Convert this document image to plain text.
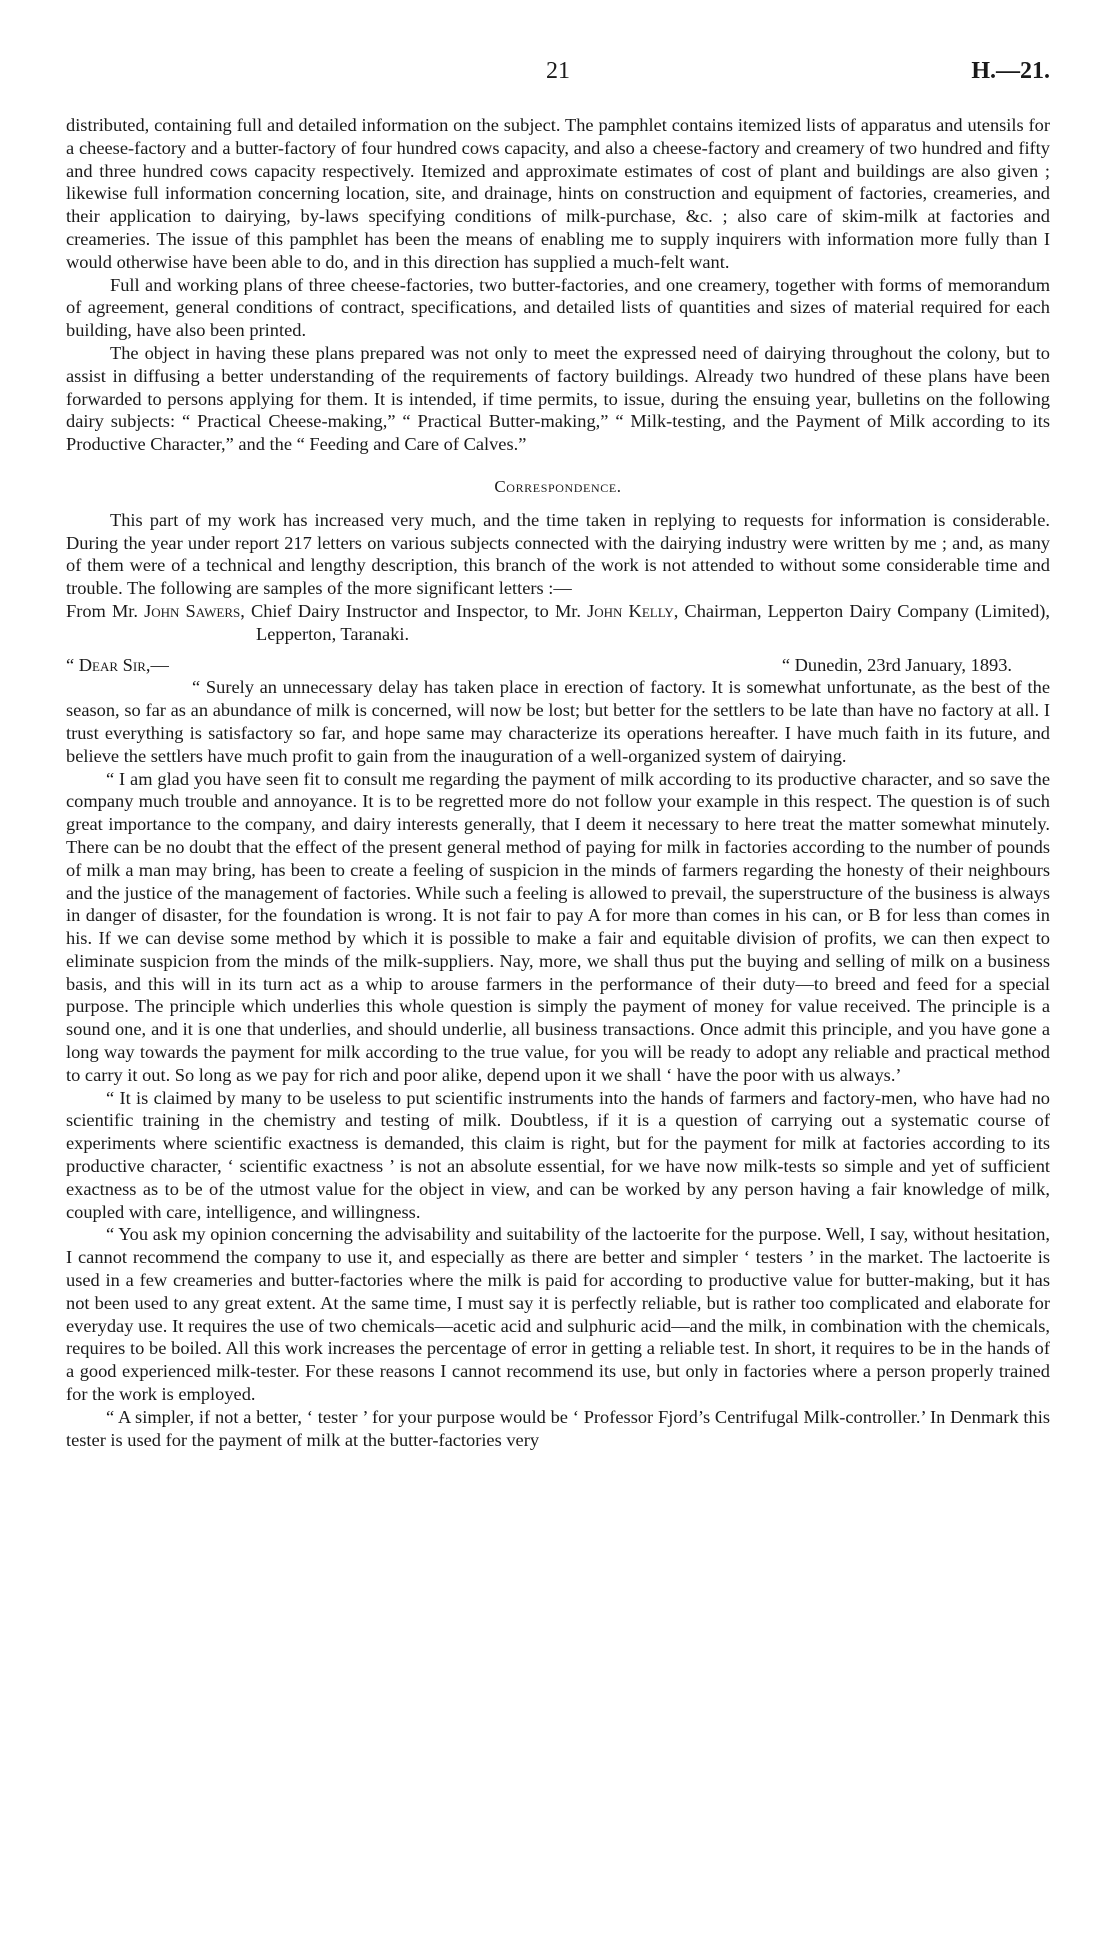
21	H.—21.

distributed, containing full and detailed information on the subject. The pamphlet contains itemized lists of apparatus and utensils for a cheese-factory and a butter-factory of four hundred cows capacity, and also a cheese-factory and creamery of two hundred and fifty and three hundred cows capacity respectively. Itemized and approximate estimates of cost of plant and buildings are also given ; likewise full information concerning location, site, and drainage, hints on construction and equipment of factories, creameries, and their application to dairying, by-laws specifying conditions of milk-purchase, &c. ; also care of skim-milk at factories and creameries. The issue of this pamphlet has been the means of enabling me to supply inquirers with information more fully than I would otherwise have been able to do, and in this direction has supplied a much-felt want.

Full and working plans of three cheese-factories, two butter-factories, and one creamery, together with forms of memorandum of agreement, general conditions of contract, specifications, and detailed lists of quantities and sizes of material required for each building, have also been printed.

The object in having these plans prepared was not only to meet the expressed need of dairying throughout the colony, but to assist in diffusing a better understanding of the requirements of factory buildings. Already two hundred of these plans have been forwarded to persons applying for them. It is intended, if time permits, to issue, during the ensuing year, bulletins on the following dairy subjects: “ Practical Cheese-making,” “ Practical Butter-making,” “ Milk-testing, and the Payment of Milk according to its Productive Character,” and the “ Feeding and Care of Calves.”

Correspondence.

This part of my work has increased very much, and the time taken in replying to requests for information is considerable. During the year under report 217 letters on various subjects connected with the dairying industry were written by me ; and, as many of them were of a technical and lengthy description, this branch of the work is not attended to without some considerable time and trouble. The following are samples of the more significant letters :—

From Mr. John Sawers, Chief Dairy Instructor and Inspector, to Mr. John Kelly, Chairman, Lepperton Dairy Company (Limited), Lepperton, Taranaki.

“ Dear Sir,—	“ Dunedin, 23rd January, 1893.

“ Surely an unnecessary delay has taken place in erection of factory. It is somewhat unfortunate, as the best of the season, so far as an abundance of milk is concerned, will now be lost; but better for the settlers to be late than have no factory at all. I trust everything is satisfactory so far, and hope same may characterize its operations hereafter. I have much faith in its future, and believe the settlers have much profit to gain from the inauguration of a well-organized system of dairying.

“ I am glad you have seen fit to consult me regarding the payment of milk according to its productive character, and so save the company much trouble and annoyance. It is to be regretted more do not follow your example in this respect. The question is of such great importance to the company, and dairy interests generally, that I deem it necessary to here treat the matter somewhat minutely. There can be no doubt that the effect of the present general method of paying for milk in factories according to the number of pounds of milk a man may bring, has been to create a feeling of suspicion in the minds of farmers regarding the honesty of their neighbours and the justice of the management of factories. While such a feeling is allowed to prevail, the superstructure of the business is always in danger of disaster, for the foundation is wrong. It is not fair to pay A for more than comes in his can, or B for less than comes in his. If we can devise some method by which it is possible to make a fair and equitable division of profits, we can then expect to eliminate suspicion from the minds of the milk-suppliers. Nay, more, we shall thus put the buying and selling of milk on a business basis, and this will in its turn act as a whip to arouse farmers in the performance of their duty—to breed and feed for a special purpose. The principle which underlies this whole question is simply the payment of money for value received. The principle is a sound one, and it is one that underlies, and should underlie, all business transactions. Once admit this principle, and you have gone a long way towards the payment for milk according to the true value, for you will be ready to adopt any reliable and practical method to carry it out. So long as we pay for rich and poor alike, depend upon it we shall ‘ have the poor with us always.’

“ It is claimed by many to be useless to put scientific instruments into the hands of farmers and factory-men, who have had no scientific training in the chemistry and testing of milk. Doubtless, if it is a question of carrying out a systematic course of experiments where scientific exactness is demanded, this claim is right, but for the payment for milk at factories according to its productive character, ‘ scientific exactness ’ is not an absolute essential, for we have now milk-tests so simple and yet of sufficient exactness as to be of the utmost value for the object in view, and can be worked by any person having a fair knowledge of milk, coupled with care, intelligence, and willingness.

“ You ask my opinion concerning the advisability and suitability of the lactoerite for the purpose. Well, I say, without hesitation, I cannot recommend the company to use it, and especially as there are better and simpler ‘ testers ’ in the market. The lactoerite is used in a few creameries and butter-factories where the milk is paid for according to productive value for butter-making, but it has not been used to any great extent. At the same time, I must say it is perfectly reliable, but is rather too complicated and elaborate for everyday use. It requires the use of two chemicals—acetic acid and sulphuric acid—and the milk, in combination with the chemicals, requires to be boiled. All this work increases the percentage of error in getting a reliable test. In short, it requires to be in the hands of a good experienced milk-tester. For these reasons I cannot recommend its use, but only in factories where a person properly trained for the work is employed.

“ A simpler, if not a better, ‘ tester ’ for your purpose would be ‘ Professor Fjord’s Centrifugal Milk-controller.’ In Denmark this tester is used for the payment of milk at the butter-factories very
